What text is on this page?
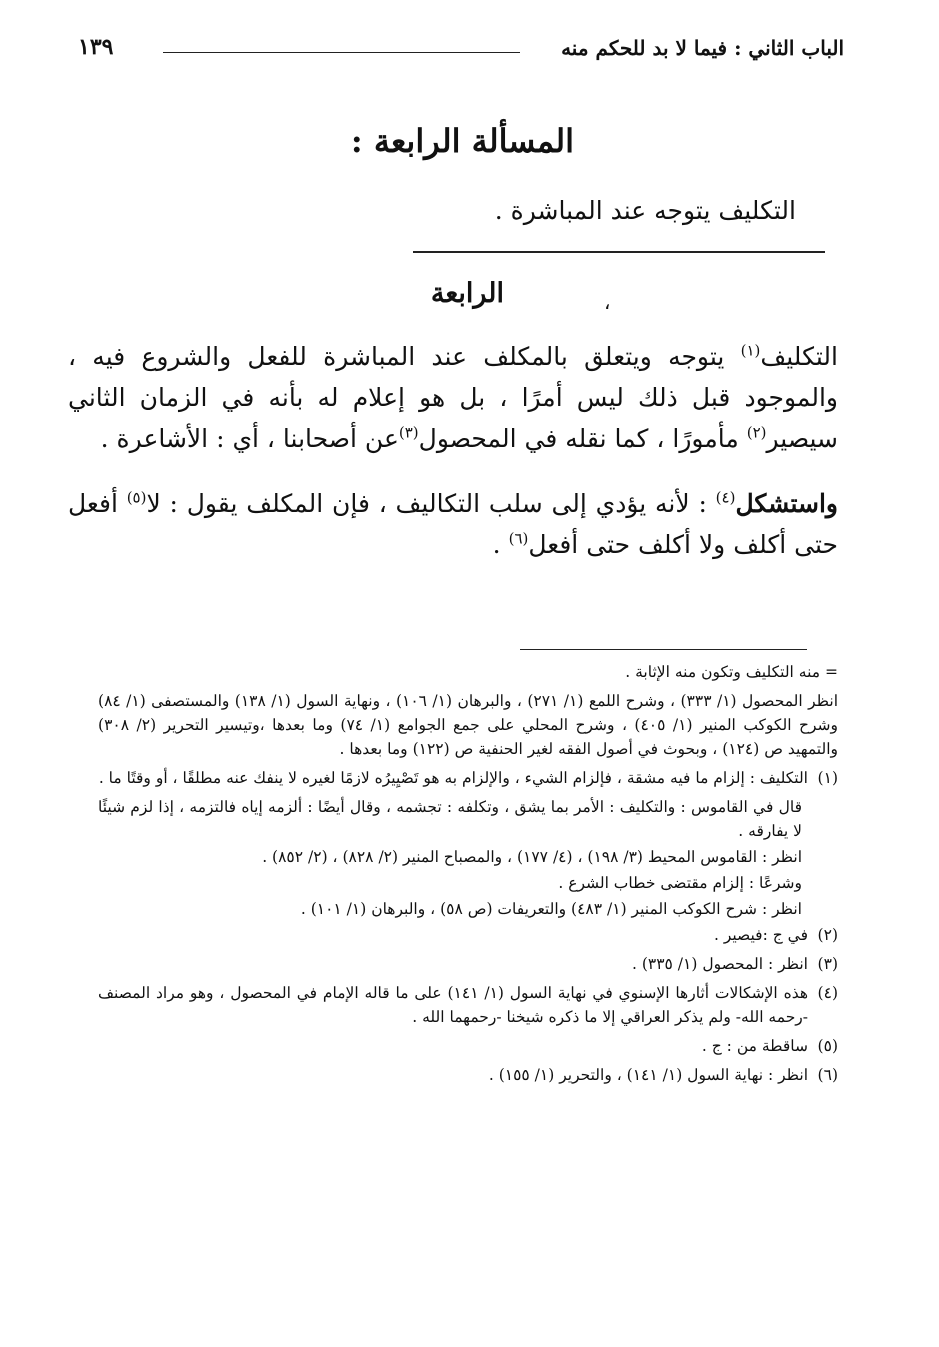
الباب الثاني : فيما لا بد للحكم منه
١٣٩
المسألة الرابعة :
التكليف يتوجه عند المباشرة .
الرابعة	،

التكليف$^{(١)}$ يتوجه ويتعلق بالمكلف عند المباشرة للفعل والشروع فيه ، والموجود قبل ذلك ليس أمرًا ، بل هو إعلام له بأنه في الزمان الثاني سيصير$^{(٢)}$ مأمورًا ، كما نقله في المحصول$^{(٣)}$عن أصحابنا ، أي : الأشاعرة .

واستشكل$^{(٤)}$ : لأنه يؤدي إلى سلب التكاليف ، فإن المكلف يقول : لا$^{(٥)}$ أفعل حتى أكلف ولا أكلف حتى أفعل$^{(٦)}$ .

= منه التكليف وتكون منه الإثابة .
انظر المحصول (١/ ٣٣٣) ، وشرح اللمع (١/ ٢٧١) ، والبرهان (١/ ١٠٦) ، ونهاية السول (١/ ١٣٨) والمستصفى (١/ ٨٤) وشرح الكوكب المنير (١/ ٤٠٥) ، وشرح المحلي على جمع الجوامع (١/ ٧٤) وما بعدها ،وتيسير التحرير (٢/ ٣٠٨) والتمهيد ص (١٢٤) ، وبحوث في أصول الفقه لغير الحنفية ص (١٢٢) وما بعدها .
(١)
التكليف : إلزام ما فيه مشقة ، فإلزام الشيء ، والإلزام به هو تَصْيِيرُه لازمًا لغيره لا ينفك عنه مطلقًا ، أو وقتًا ما .
قال في القاموس : والتكليف : الأمر بما يشق ، وتكلفه : تجشمه ، وقال أيضًا : ألزمه إياه فالتزمه ، إذا لزم شيئًا لا يفارقه .
انظر : القاموس المحيط (٣/ ١٩٨) ، (٤/ ١٧٧) ، والمصباح المنير (٢/ ٨٢٨) ، (٢/ ٨٥٢) .
وشرعًا : إلزام مقتضى خطاب الشرع .
انظر : شرح الكوكب المنير (١/ ٤٨٣) والتعريفات (ص ٥٨) ، والبرهان (١/ ١٠١) .
(٢)
في ج :فيصير .
(٣)
انظر : المحصول (١/ ٣٣٥) .
(٤)
هذه الإشكالات أثارها الإسنوي في نهاية السول (١/ ١٤١) على ما قاله الإمام في المحصول ، وهو مراد المصنف -رحمه الله- ولم يذكر العراقي إلا ما ذكره شيخنا -رحمهما الله .
(٥)
ساقطة من : ج .
(٦)
انظر : نهاية السول (١/ ١٤١) ، والتحرير (١/ ١٥٥) .
